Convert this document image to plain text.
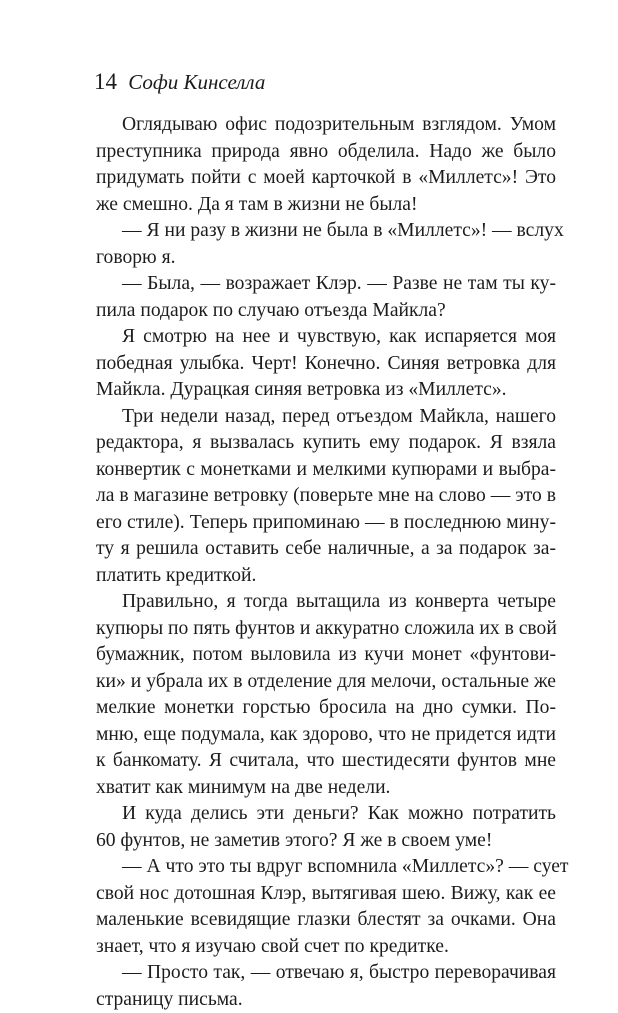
14 Софи Кинселла
Оглядываю офис подозрительным взглядом. Умом
преступника природа явно обделила. Надо же было
придумать пойти с моей карточкой в «Миллетс»! Это
же смешно. Да я там в жизни не была!
— Я ни разу в жизни не была в «Миллетс»! — вслух
говорю я.
— Была, — возражает Клэр. — Разве не там ты ку-
пила подарок по случаю отъезда Майкла?
Я смотрю на нее и чувствую, как испаряется моя
победная улыбка. Черт! Конечно. Синяя ветровка для
Майкла. Дурацкая синяя ветровка из «Миллетс».
Три недели назад, перед отъездом Майкла, нашего
редактора, я вызвалась купить ему подарок. Я взяла
конвертик с монетками и мелкими купюрами и выбра-
ла в магазине ветровку (поверьте мне на слово — это в
его стиле). Теперь припоминаю — в последнюю мину-
ту я решила оставить себе наличные, а за подарок за-
платить кредиткой.
Правильно, я тогда вытащила из конверта четыре
купюры по пять фунтов и аккуратно сложила их в свой
бумажник, потом выловила из кучи монет «фунтови-
ки» и убрала их в отделение для мелочи, остальные же
мелкие монетки горстью бросила на дно сумки. По-
мню, еще подумала, как здорово, что не придется идти
к банкомату. Я считала, что шестидесяти фунтов мне
хватит как минимум на две недели.
И куда делись эти деньги? Как можно потратить
60 фунтов, не заметив этого? Я же в своем уме!
— А что это ты вдруг вспомнила «Миллетс»? — сует
свой нос дотошная Клэр, вытягивая шею. Вижу, как ее
маленькие всевидящие глазки блестят за очками. Она
знает, что я изучаю свой счет по кредитке.
— Просто так, — отвечаю я, быстро переворачивая
страницу письма.
